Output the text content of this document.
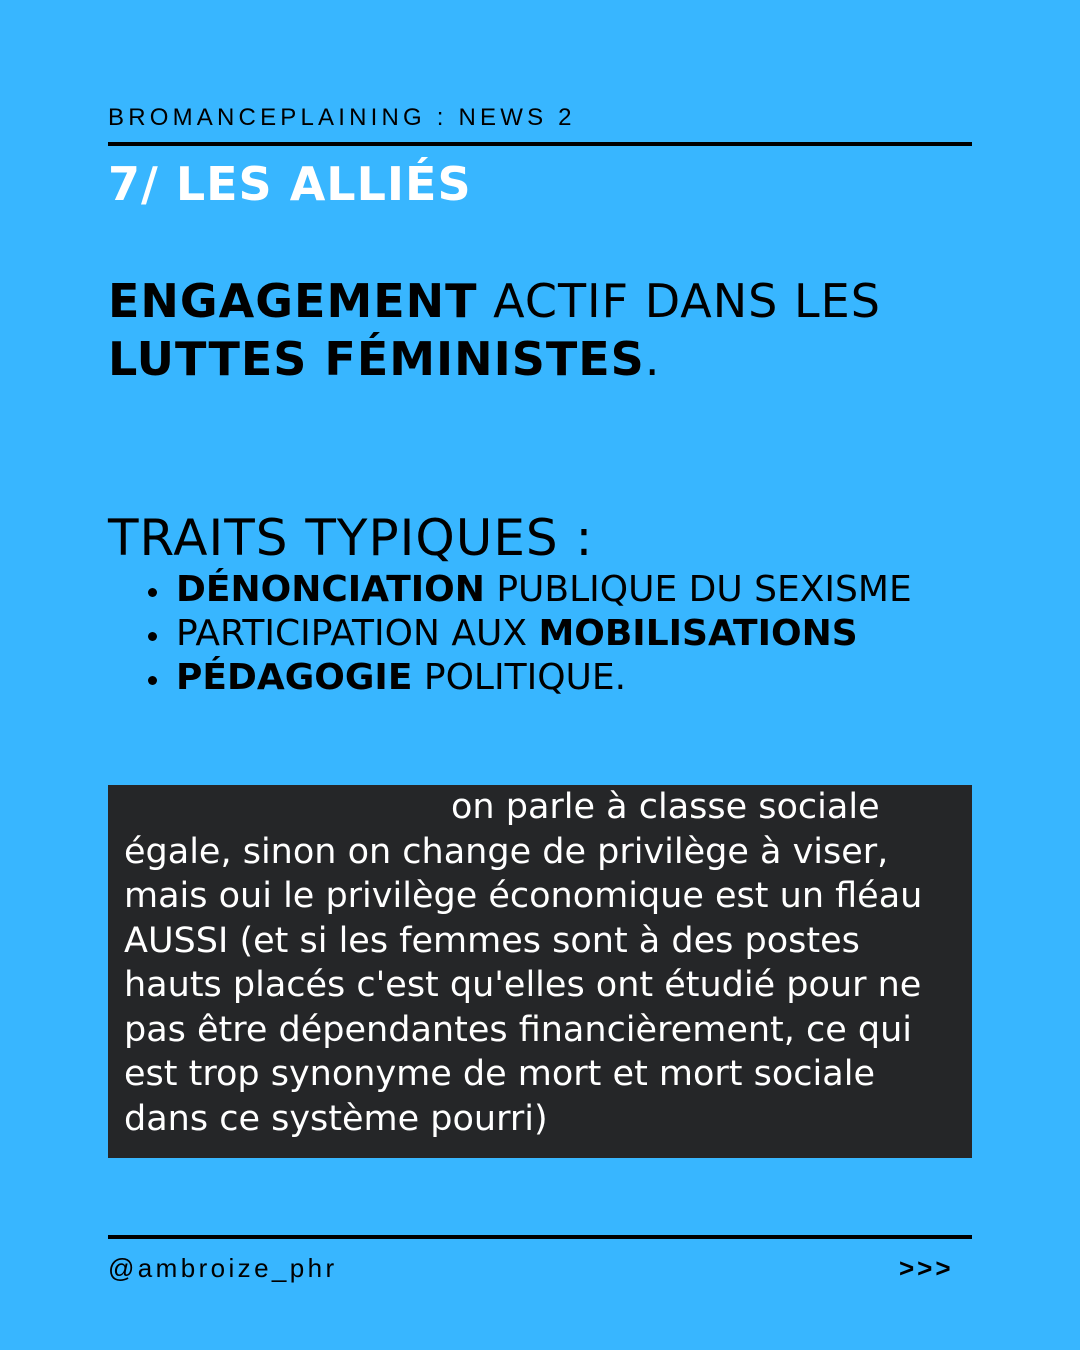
BROMANCEPLAINING : NEWS 2
7/ LES ALLIÉS
ENGAGEMENT ACTIF DANS LES
LUTTES FÉMINISTES.
TRAITS TYPIQUES :
DÉNONCIATION PUBLIQUE DU SEXISME
PARTICIPATION AUX MOBILISATIONS
PÉDAGOGIE POLITIQUE.
on parle à classe sociale
égale, sinon on change de privilège à viser,
mais oui le privilège économique est un fléau
AUSSI (et si les femmes sont à des postes
hauts placés c'est qu'elles ont étudié pour ne
pas être dépendantes financièrement, ce qui
est trop synonyme de mort et mort sociale
dans ce système pourri)
@ambroize_phr	>>>
